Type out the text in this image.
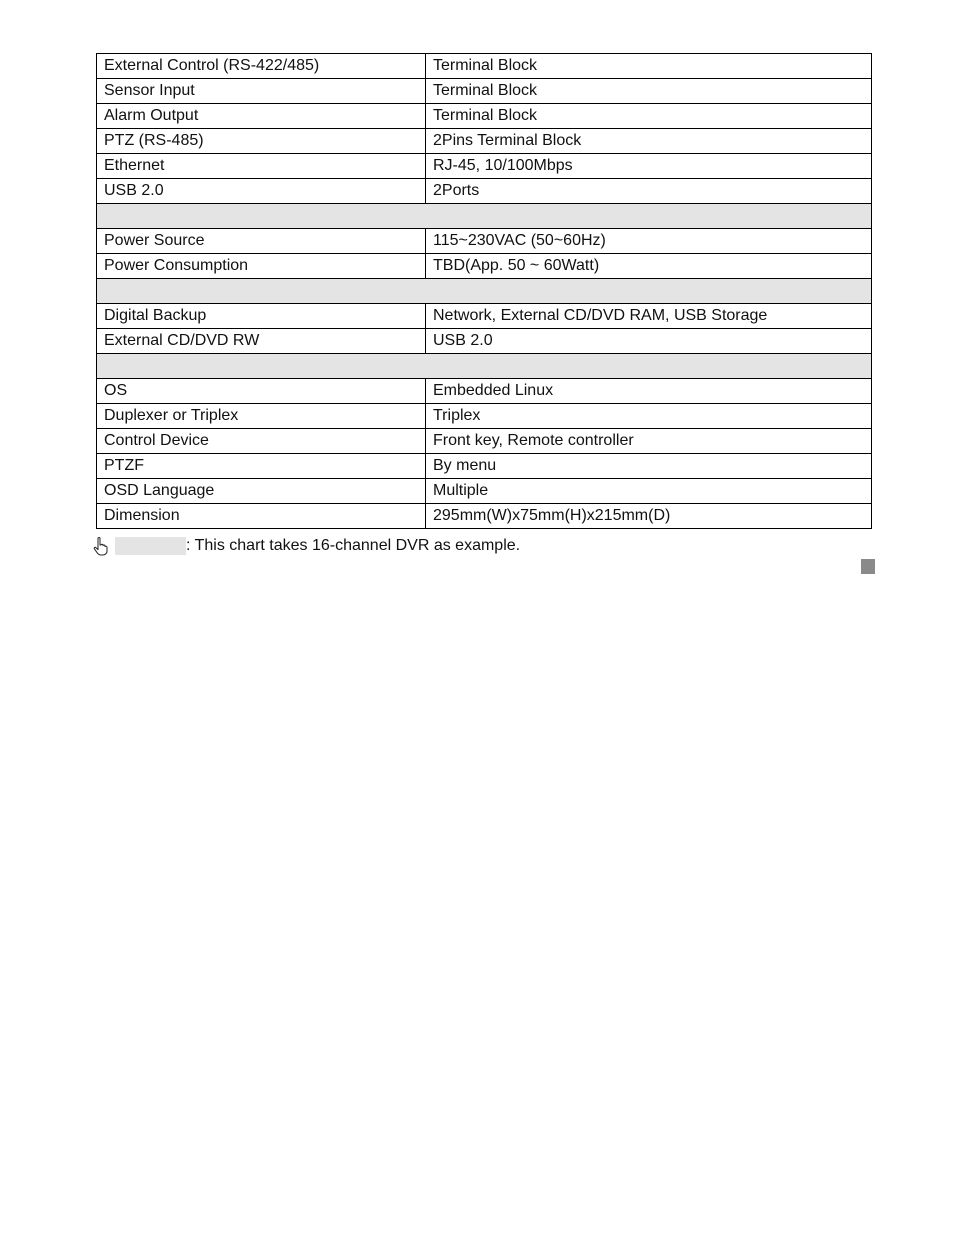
External Control (RS-422/485)	Terminal Block
Sensor Input	Terminal Block
Alarm Output	Terminal Block
PTZ (RS-485)	2Pins Terminal Block
Ethernet	RJ-45, 10/100Mbps
USB 2.0	2Ports

Power Source	115~230VAC (50~60Hz)
Power Consumption	TBD(App. 50 ~ 60Watt)

Digital Backup	Network, External CD/DVD RAM, USB Storage
External CD/DVD RW	USB 2.0

OS	Embedded Linux
Duplexer or Triplex	Triplex
Control Device	Front key, Remote controller
PTZF	By menu
OSD Language	Multiple
Dimension	295mm(W)x75mm(H)x215mm(D)
: This chart takes 16-channel DVR as example.
